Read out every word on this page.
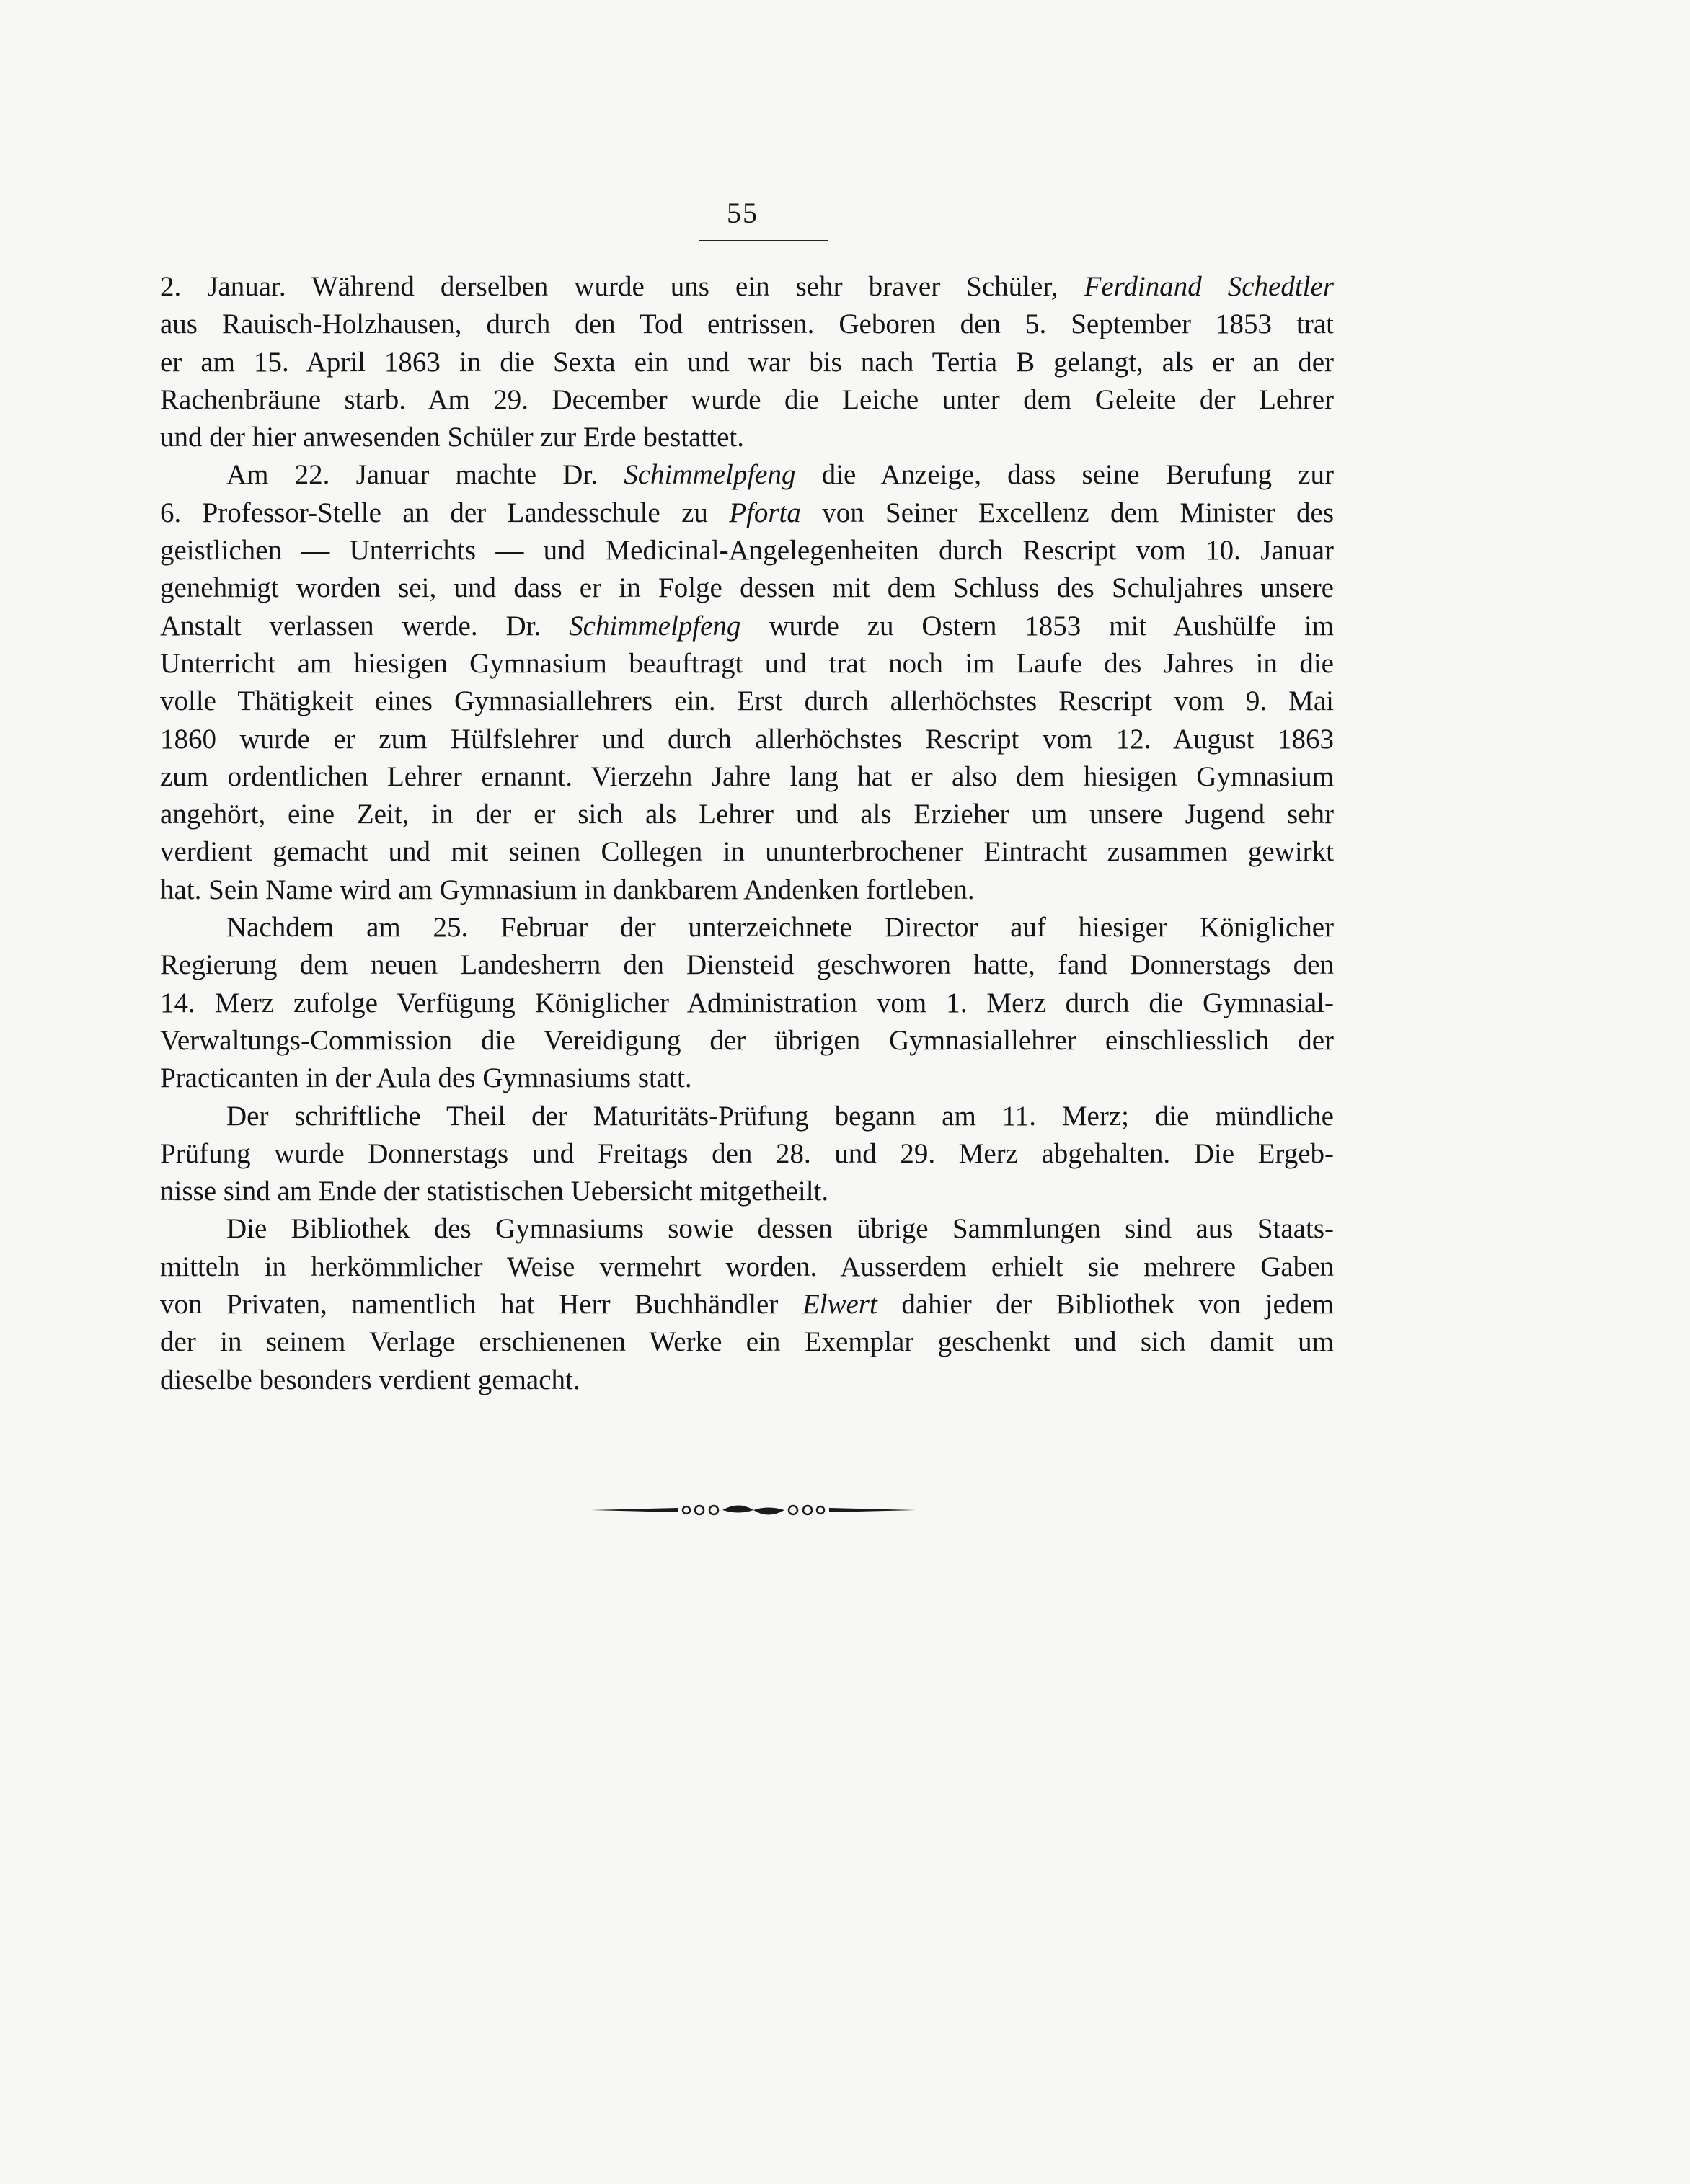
55
2. Januar. Während derselben wurde uns ein sehr braver Schüler, Ferdinand Schedtler
aus Rauisch-Holzhausen, durch den Tod entrissen. Geboren den 5. September 1853 trat
er am 15. April 1863 in die Sexta ein und war bis nach Tertia B gelangt, als er an der
Rachenbräune starb. Am 29. December wurde die Leiche unter dem Geleite der Lehrer
und der hier anwesenden Schüler zur Erde bestattet.
Am 22. Januar machte Dr. Schimmelpfeng die Anzeige, dass seine Berufung zur
6. Professor-Stelle an der Landesschule zu Pforta von Seiner Excellenz dem Minister des
geistlichen — Unterrichts — und Medicinal-Angelegenheiten durch Rescript vom 10. Januar
genehmigt worden sei, und dass er in Folge dessen mit dem Schluss des Schuljahres unsere
Anstalt verlassen werde. Dr. Schimmelpfeng wurde zu Ostern 1853 mit Aushülfe im
Unterricht am hiesigen Gymnasium beauftragt und trat noch im Laufe des Jahres in die
volle Thätigkeit eines Gymnasiallehrers ein. Erst durch allerhöchstes Rescript vom 9. Mai
1860 wurde er zum Hülfslehrer und durch allerhöchstes Rescript vom 12. August 1863
zum ordentlichen Lehrer ernannt. Vierzehn Jahre lang hat er also dem hiesigen Gymnasium
angehört, eine Zeit, in der er sich als Lehrer und als Erzieher um unsere Jugend sehr
verdient gemacht und mit seinen Collegen in ununterbrochener Eintracht zusammen gewirkt
hat. Sein Name wird am Gymnasium in dankbarem Andenken fortleben.
Nachdem am 25. Februar der unterzeichnete Director auf hiesiger Königlicher
Regierung dem neuen Landesherrn den Diensteid geschworen hatte, fand Donnerstags den
14. Merz zufolge Verfügung Königlicher Administration vom 1. Merz durch die Gymnasial-
Verwaltungs-Commission die Vereidigung der übrigen Gymnasiallehrer einschliesslich der
Practicanten in der Aula des Gymnasiums statt.
Der schriftliche Theil der Maturitäts-Prüfung begann am 11. Merz; die mündliche
Prüfung wurde Donnerstags und Freitags den 28. und 29. Merz abgehalten. Die Ergeb-
nisse sind am Ende der statistischen Uebersicht mitgetheilt.
Die Bibliothek des Gymnasiums sowie dessen übrige Sammlungen sind aus Staats-
mitteln in herkömmlicher Weise vermehrt worden. Ausserdem erhielt sie mehrere Gaben
von Privaten, namentlich hat Herr Buchhändler Elwert dahier der Bibliothek von jedem
der in seinem Verlage erschienenen Werke ein Exemplar geschenkt und sich damit um
dieselbe besonders verdient gemacht.
